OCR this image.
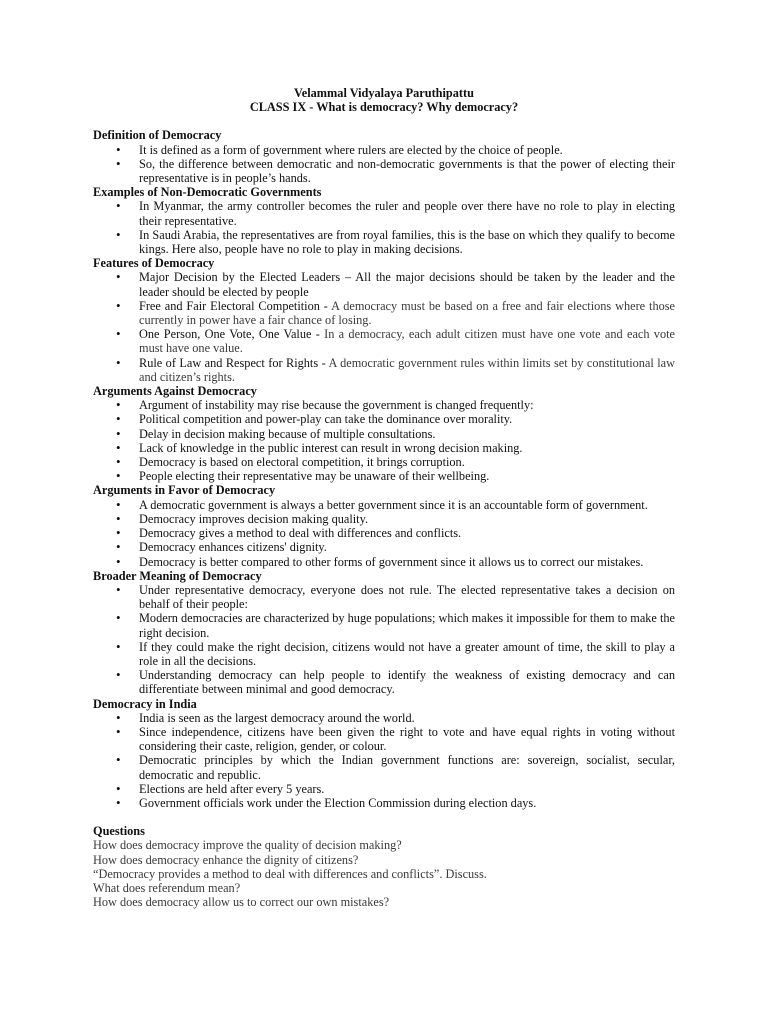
Velammal Vidyalaya Paruthipattu
CLASS IX - What is democracy? Why democracy?
Definition of Democracy
• It is defined as a form of government where rulers are elected by the choice of people.
• So, the difference between democratic and non-democratic governments is that the power of electing their representative is in people’s hands.
Examples of Non-Democratic Governments
• In Myanmar, the army controller becomes the ruler and people over there have no role to play in electing their representative.
• In Saudi Arabia, the representatives are from royal families, this is the base on which they qualify to become kings. Here also, people have no role to play in making decisions.
Features of Democracy
• Major Decision by the Elected Leaders – All the major decisions should be taken by the leader and the leader should be elected by people
• Free and Fair Electoral Competition - A democracy must be based on a free and fair elections where those currently in power have a fair chance of losing.
• One Person, One Vote, One Value - In a democracy, each adult citizen must have one vote and each vote must have one value.
• Rule of Law and Respect for Rights - A democratic government rules within limits set by constitutional law and citizen’s rights.
Arguments Against Democracy
• Argument of instability may rise because the government is changed frequently:
• Political competition and power-play can take the dominance over morality.
• Delay in decision making because of multiple consultations.
• Lack of knowledge in the public interest can result in wrong decision making.
• Democracy is based on electoral competition, it brings corruption.
• People electing their representative may be unaware of their wellbeing.
Arguments in Favor of Democracy
• A democratic government is always a better government since it is an accountable form of government.
• Democracy improves decision making quality.
• Democracy gives a method to deal with differences and conflicts.
• Democracy enhances citizens' dignity.
• Democracy is better compared to other forms of government since it allows us to correct our mistakes.
Broader Meaning of Democracy
• Under representative democracy, everyone does not rule. The elected representative takes a decision on behalf of their people:
• Modern democracies are characterized by huge populations; which makes it impossible for them to make the right decision.
• If they could make the right decision, citizens would not have a greater amount of time, the skill to play a role in all the decisions.
• Understanding democracy can help people to identify the weakness of existing democracy and can differentiate between minimal and good democracy.
Democracy in India
• India is seen as the largest democracy around the world.
• Since independence, citizens have been given the right to vote and have equal rights in voting without considering their caste, religion, gender, or colour.
• Democratic principles by which the Indian government functions are: sovereign, socialist, secular, democratic and republic.
• Elections are held after every 5 years.
• Government officials work under the Election Commission during election days.
Questions
How does democracy improve the quality of decision making?
How does democracy enhance the dignity of citizens?
“Democracy provides a method to deal with differences and conflicts”. Discuss.
What does referendum mean?
How does democracy allow us to correct our own mistakes?
